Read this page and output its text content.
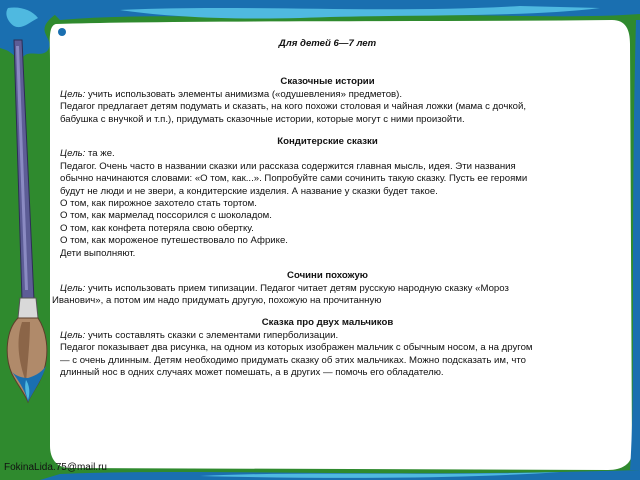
Для детей 6—7 лет
Сказочные истории

Цель: учить использовать элементы анимизма («одушевления» предметов).

Педагог предлагает детям подумать и сказать, на кого похожи столовая и чайная ложки (мама с дочкой,

бабушка с внучкой и т.п.), придумать сказочные истории, которые могут с ними произойти.

Кондитерские сказки

Цель: та же.

Педагог. Очень часто в названии сказки или рассказа содержится главная мысль, идея. Эти названия

обычно начинаются словами: «О том, как...». Попробуйте сами сочинить такую сказку. Пусть ее героями

будут не люди и не звери, а кондитерские изделия. А название у сказки будет такое.

О том, как пирожное захотело стать тортом.

О том, как мармелад поссорился с шоколадом.

О том, как конфета потеряла свою обертку.

О том, как мороженое путешествовало по Африке.

Дети выполняют.

Сочини похожую

Цель: учить использовать прием типизации. Педагог читает детям русскую народную сказку «Мороз

Иванович», а потом им надо придумать другую, похожую на прочитанную

Сказка про двух мальчиков

Цель: учить составлять сказки с элементами гиперболизации.

Педагог показывает два рисунка, на одном из которых изображен мальчик с обычным носом, а на другом

— с очень длинным. Детям необходимо придумать сказку об этих мальчиках. Можно подсказать им, что

длинный нос в одних случаях может помешать, а в других — помочь его обладателю.

FokinaLida.75@mail.ru
